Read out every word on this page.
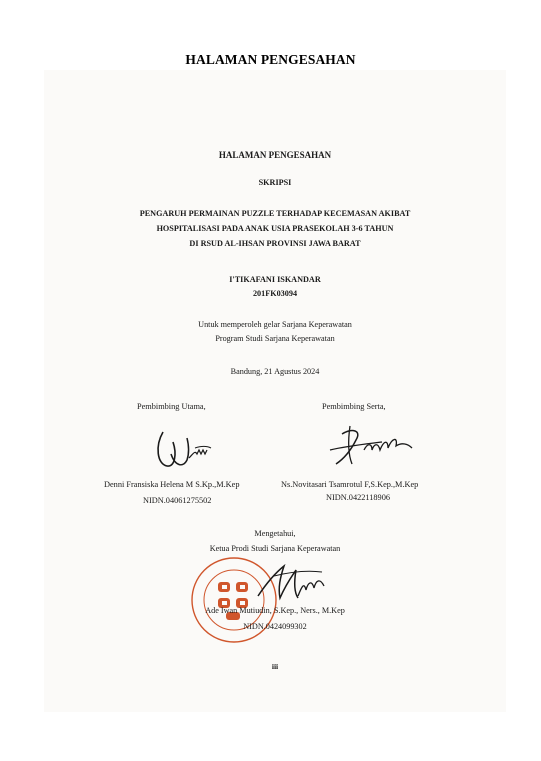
HALAMAN PENGESAHAN
HALAMAN PENGESAHAN
SKRIPSI
PENGARUH PERMAINAN PUZZLE TERHADAP KECEMASAN AKIBAT
HOSPITALISASI PADA ANAK USIA PRASEKOLAH 3-6 TAHUN
DI RSUD AL-IHSAN PROVINSI JAWA BARAT
I'TIKAFANI ISKANDAR
201FK03094
Untuk memperoleh gelar Sarjana Keperawatan
Program Studi Sarjana Keperawatan
Bandung, 21 Agustus 2024
Pembimbing Utama,	Pembimbing Serta,
Denni Fransiska Helena M S.Kp.,M.Kep	Ns.Novitasari Tsamrotul F,S.Kep.,M.Kep
NIDN.04061275502	NIDN.0422118906
Mengetahui,
Ketua Prodi Studi Sarjana Keperawatan
Ade Iwan Mutiudin, S.Kep., Ners., M.Kep
NIDN.0424099302
iii
